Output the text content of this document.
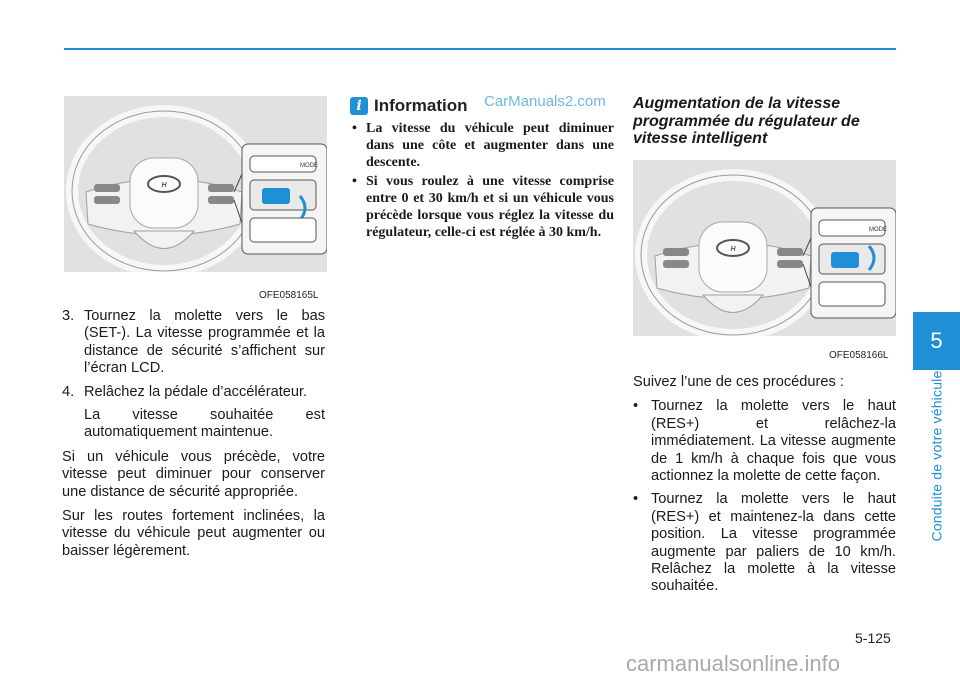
H
MODE
OFE058165L
3. Tournez la molette vers le bas (SET-). La vitesse programmée et la distance de sécurité s’affichent sur l’écran LCD.
4. Relâchez la pédale d’accélérateur.

La vitesse souhaitée est automatiquement maintenue.

Si un véhicule vous précède, votre vitesse peut diminuer pour conserver une distance de sécurité appropriée.

Sur les routes fortement inclinées, la vitesse du véhicule peut augmenter ou baisser légèrement.

i Information CarManuals2.com
• La vitesse du véhicule peut diminuer dans une côte et augmenter dans une descente.
• Si vous roulez à une vitesse comprise entre 0 et 30 km/h et si un véhicule vous précède lorsque vous réglez la vitesse du régulateur, celle-ci est réglée à 30 km/h.
Augmentation de la vitesse programmée du régulateur de vitesse intelligent
H
MODE
OFE058166L

Suivez l’une de ces procédures :

• Tournez la molette vers le haut (RES+) et relâchez-la immédiatement. La vitesse augmente de 1 km/h à chaque fois que vous actionnez la molette de cette façon.
• Tournez la molette vers le haut (RES+) et maintenez-la dans cette position. La vitesse programmée augmente par paliers de 10 km/h. Relâchez la molette à la vitesse souhaitée.
5
Conduite de votre véhicule
5-125
carmanualsonline.info
